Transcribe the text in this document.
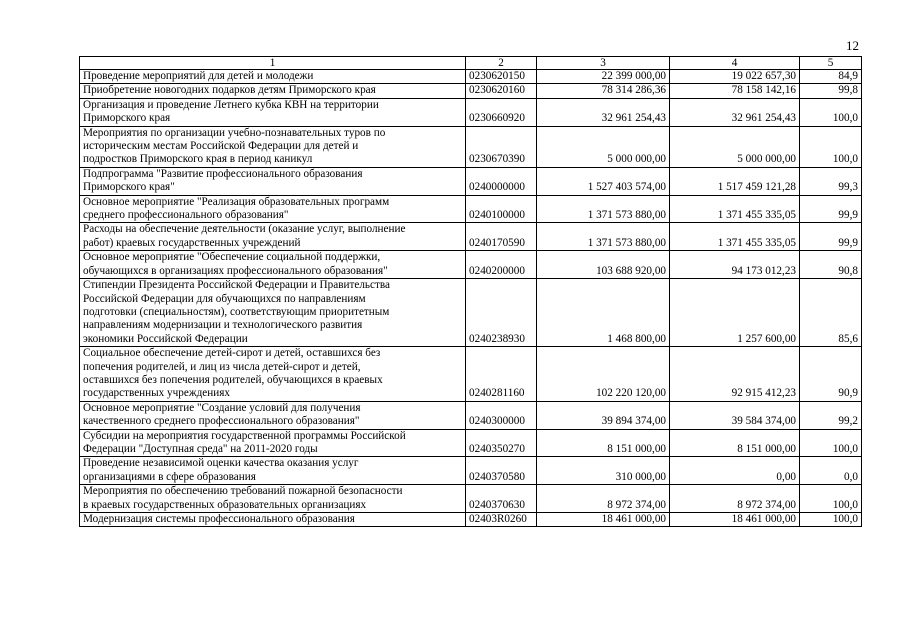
12
1	2	3	4	5

Проведение мероприятий для детей и молодежи	0230620150	22 399 000,00	19 022 657,30	84,9

Приобретение новогодних подарков детям Приморского края	0230620160	78 314 286,36	78 158 142,16	99,8

Организация и проведение Летнего кубка КВН на территории
Приморского края	0230660920	32 961 254,43	32 961 254,43	100,0

Мероприятия по организации учебно-познавательных туров по
историческим местам Российской Федерации для детей и
подростков Приморского края в период каникул	0230670390	5 000 000,00	5 000 000,00	100,0

Подпрограмма "Развитие профессионального образования
Приморского края"	0240000000	1 527 403 574,00	1 517 459 121,28	99,3

Основное мероприятие "Реализация образовательных программ
среднего профессионального образования"	0240100000	1 371 573 880,00	1 371 455 335,05	99,9

Расходы на обеспечение деятельности (оказание услуг, выполнение
работ) краевых государственных учреждений	0240170590	1 371 573 880,00	1 371 455 335,05	99,9

Основное мероприятие "Обеспечение социальной поддержки,
обучающихся в организациях профессионального образования"	0240200000	103 688 920,00	94 173 012,23	90,8

Стипендии Президента Российской Федерации и Правительства
Российской Федерации для обучающихся по направлениям
подготовки (специальностям), соответствующим приоритетным
направлениям модернизации и технологического развития
экономики Российской Федерации	0240238930	1 468 800,00	1 257 600,00	85,6

Социальное обеспечение детей-сирот и детей, оставшихся без
попечения родителей, и лиц из числа детей-сирот и детей,
оставшихся без попечения родителей, обучающихся в краевых
государственных учреждениях	0240281160	102 220 120,00	92 915 412,23	90,9

Основное мероприятие "Создание условий для получения
качественного среднего профессионального образования"	0240300000	39 894 374,00	39 584 374,00	99,2

Субсидии на мероприятия государственной программы Российской
Федерации "Доступная среда" на 2011-2020 годы	0240350270	8 151 000,00	8 151 000,00	100,0

Проведение независимой оценки качества оказания услуг
организациями в сфере образования	0240370580	310 000,00	0,00	0,0

Мероприятия по обеспечению требований пожарной безопасности
в краевых государственных образовательных организациях	0240370630	8 972 374,00	8 972 374,00	100,0

Модернизация системы профессионального образования	02403R0260	18 461 000,00	18 461 000,00	100,0
